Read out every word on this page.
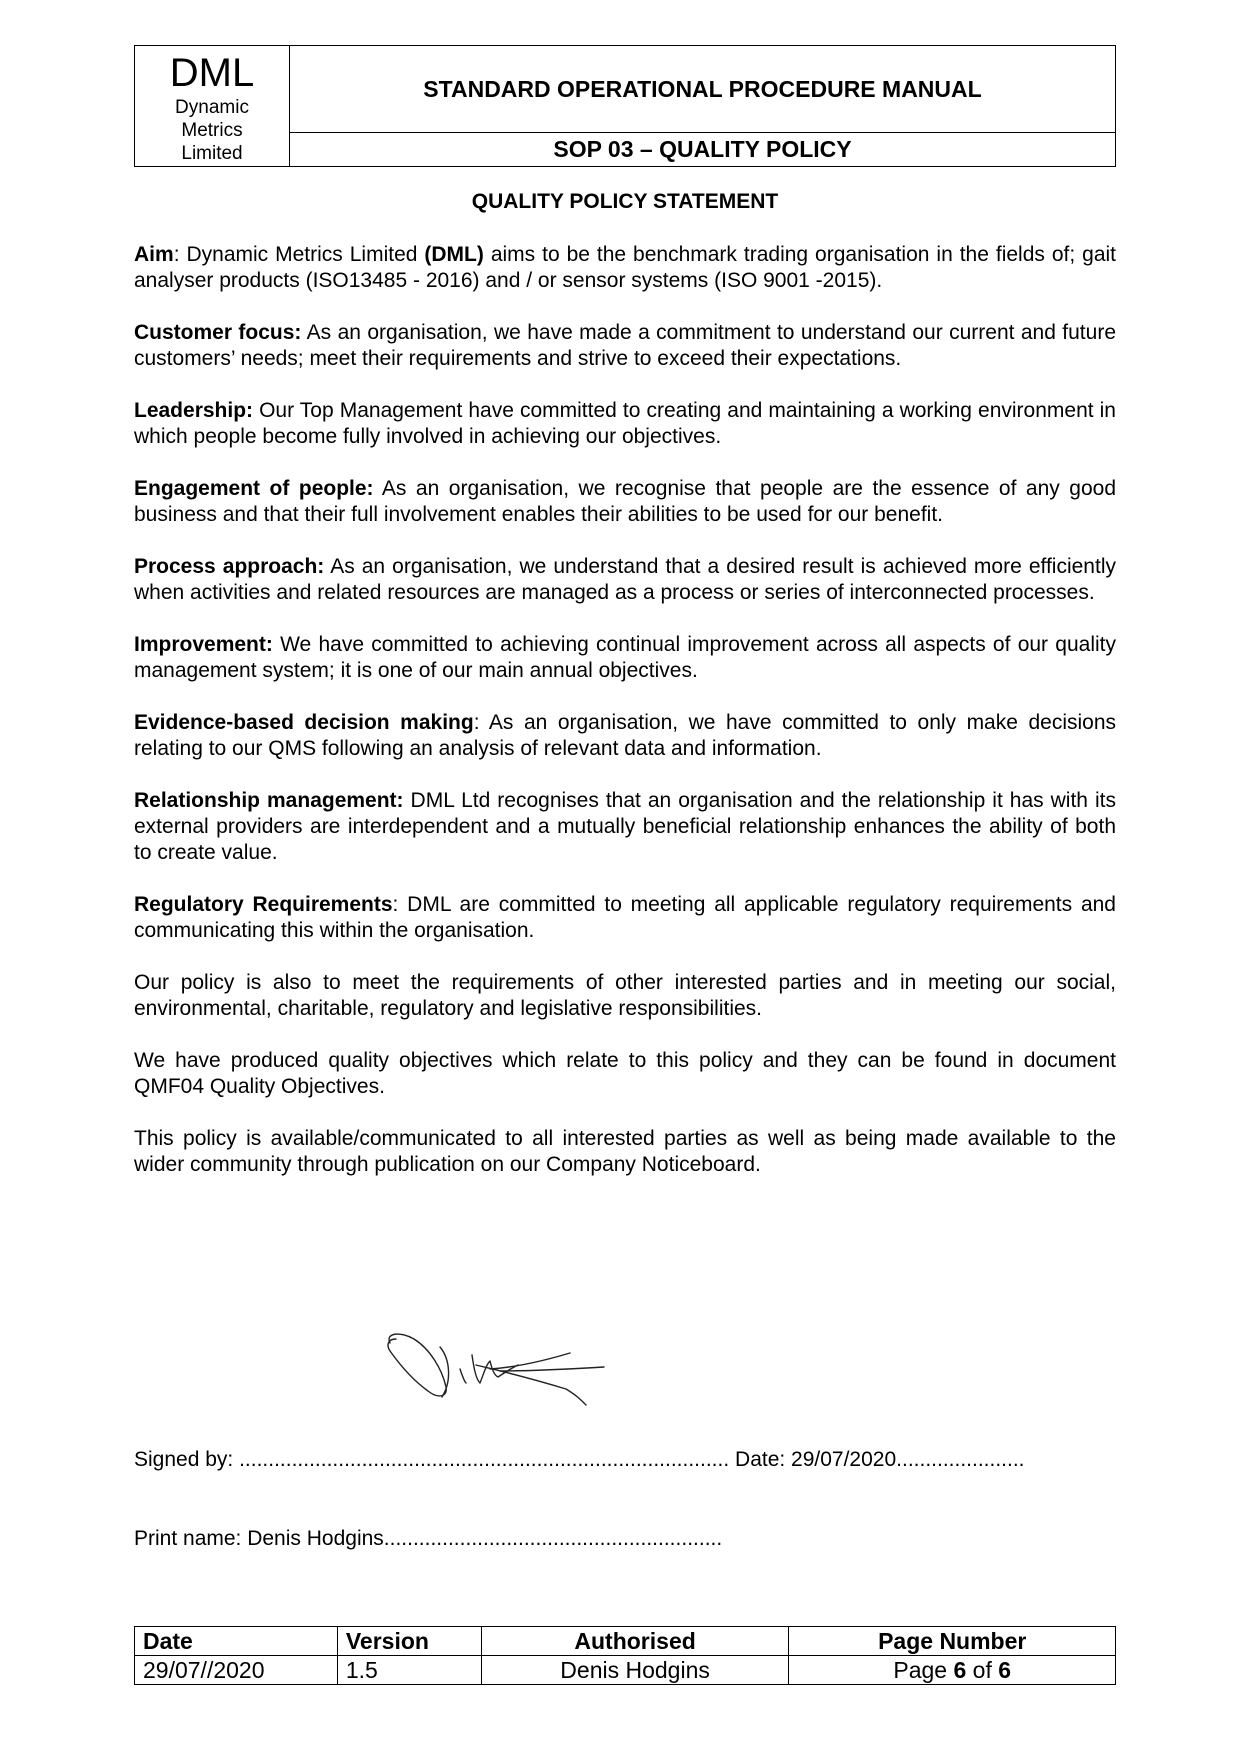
DML
Dynamic
Metrics
Limited
	STANDARD OPERATIONAL PROCEDURE MANUAL
SOP 03 – QUALITY POLICY
QUALITY POLICY STATEMENT

Aim: Dynamic Metrics Limited (DML) aims to be the benchmark trading organisation in the fields of; gait analyser products (ISO13485 - 2016) and / or sensor systems (ISO 9001 -2015).

Customer focus: As an organisation, we have made a commitment to understand our current and future customers’ needs; meet their requirements and strive to exceed their expectations.

Leadership: Our Top Management have committed to creating and maintaining a working environment in which people become fully involved in achieving our objectives.

Engagement of people: As an organisation, we recognise that people are the essence of any good business and that their full involvement enables their abilities to be used for our benefit.

Process approach: As an organisation, we understand that a desired result is achieved more efficiently when activities and related resources are managed as a process or series of interconnected processes.

Improvement: We have committed to achieving continual improvement across all aspects of our quality management system; it is one of our main annual objectives.

Evidence-based decision making: As an organisation, we have committed to only make decisions relating to our QMS following an analysis of relevant data and information.

Relationship management: DML Ltd recognises that an organisation and the relationship it has with its external providers are interdependent and a mutually beneficial relationship enhances the ability of both to create value.

Regulatory Requirements: DML are committed to meeting all applicable regulatory requirements and communicating this within the organisation.

Our policy is also to meet the requirements of other interested parties and in meeting our social, environmental, charitable, regulatory and legislative responsibilities.

We have produced quality objectives which relate to this policy and they can be found in document QMF04 Quality Objectives.

This policy is available/communicated to all interested parties as well as being made available to the wider community through publication on our Company Noticeboard.

Signed by: .................................................................................... Date: 29/07/2020......................
Print name: Denis Hodgins..........................................................
Date	Version	Authorised	Page Number
29/07//2020	1.5	Denis Hodgins	Page 6 of 6
